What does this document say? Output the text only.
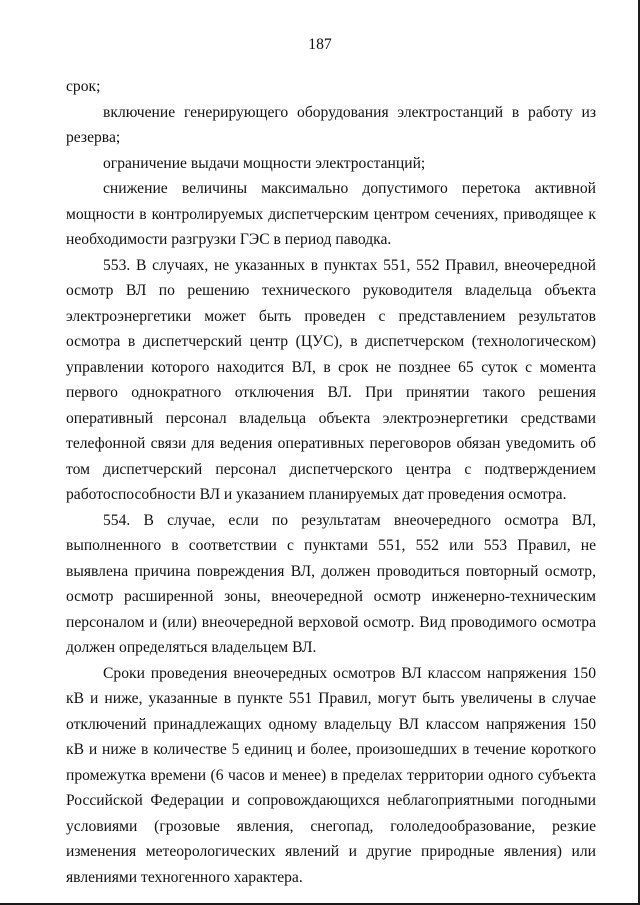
187

срок;

включение генерирующего оборудования электростанций в работу из резерва;

ограничение выдачи мощности электростанций;

снижение величины максимально допустимого перетока активной мощности в контролируемых диспетчерским центром сечениях, приводящее к необходимости разгрузки ГЭС в период паводка.

553. В случаях, не указанных в пунктах 551, 552 Правил, внеочередной осмотр ВЛ по решению технического руководителя владельца объекта электроэнергетики может быть проведен с представлением результатов осмотра в диспетчерский центр (ЦУС), в диспетчерском (технологическом) управлении которого находится ВЛ, в срок не позднее 65 суток с момента первого однократного отключения ВЛ. При принятии такого решения оперативный персонал владельца объекта электроэнергетики средствами телефонной связи для ведения оперативных переговоров обязан уведомить об том диспетчерский персонал диспетчерского центра с подтверждением работоспособности ВЛ и указанием планируемых дат проведения осмотра.

554. В случае, если по результатам внеочередного осмотра ВЛ, выполненного в соответствии с пунктами 551, 552 или 553 Правил, не выявлена причина повреждения ВЛ, должен проводиться повторный осмотр, осмотр расширенной зоны, внеочередной осмотр инженерно-техническим персоналом и (или) внеочередной верховой осмотр. Вид проводимого осмотра должен определяться владельцем ВЛ.

Сроки проведения внеочередных осмотров ВЛ классом напряжения 150 кВ и ниже, указанные в пункте 551 Правил, могут быть увеличены в случае отключений принадлежащих одному владельцу ВЛ классом напряжения 150 кВ и ниже в количестве 5 единиц и более, произошедших в течение короткого промежутка времени (6 часов и менее) в пределах территории одного субъекта Российской Федерации и сопровождающихся неблагоприятными погодными условиями (грозовые явления, снегопад, гололедообразование, резкие изменения метеорологических явлений и другие природные явления) или явлениями техногенного характера.
